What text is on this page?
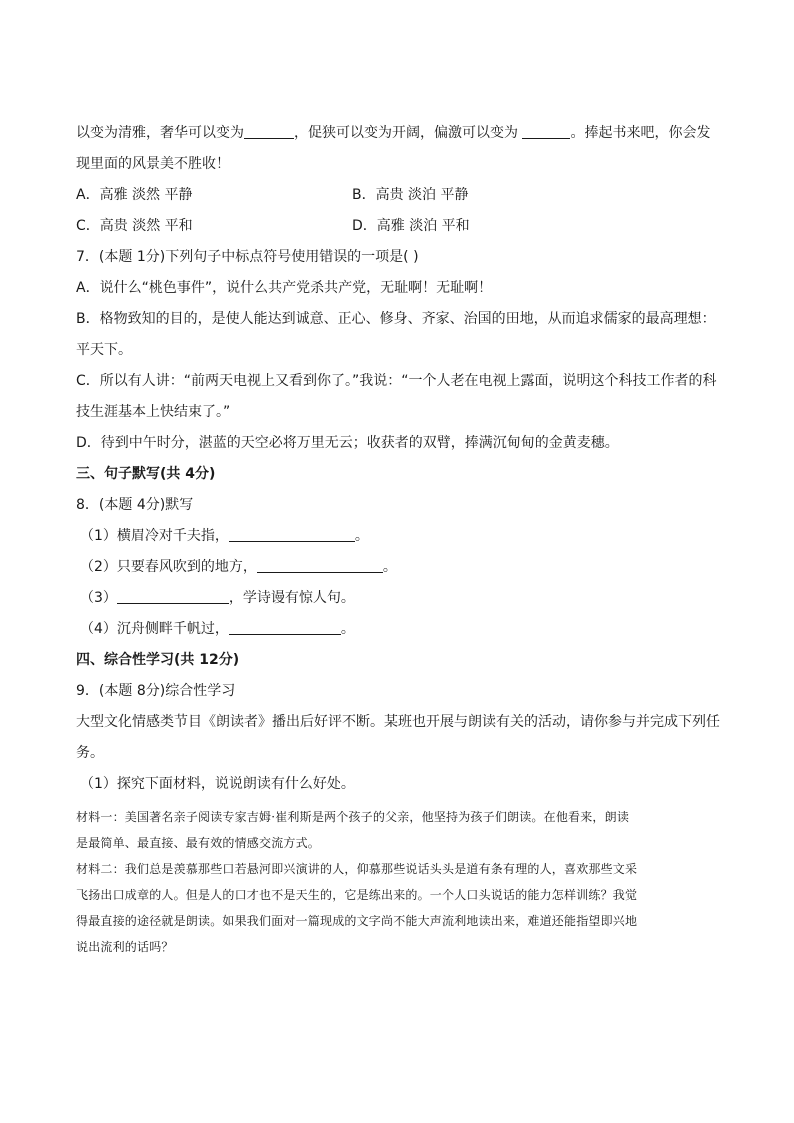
以变为清雅，奢华可以变为	，促狭可以变为开阔，偏激可以变为	。捧起书来吧，你会发
现里面的风景美不胜收！
A．高雅 淡然 平静	B．高贵 淡泊 平静
C．高贵 淡然 平和	D．高雅 淡泊 平和
7．(本题 1分)下列句子中标点符号使用错误的一项是( )
A．说什么“桃色事件”，说什么共产党杀共产党，无耻啊！无耻啊！
B．格物致知的目的，是使人能达到诚意、正心、修身、齐家、治国的田地，从而追求儒家的最高理想：
平天下。
C．所以有人讲：“前两天电视上又看到你了。”我说：“一个人老在电视上露面，说明这个科技工作者的科
技生涯基本上快结束了。”
D．待到中午时分，湛蓝的天空必将万里无云；收获者的双臂，捧满沉甸甸的金黄麦穗。
三、句子默写(共 4分)
8．(本题 4分)默写
（1）横眉冷对千夫指，	。
（2）只要春风吹到的地方，	。
（3）	，学诗谩有惊人句。
（4）沉舟侧畔千帆过，	。
四、综合性学习(共 12分)
9．(本题 8分)综合性学习
大型文化情感类节目《朗读者》播出后好评不断。某班也开展与朗读有关的活动，请你参与并完成下列任
务。
（1）探究下面材料，说说朗读有什么好处。
材料一：美国著名亲子阅读专家吉姆·崔利斯是两个孩子的父亲，他坚持为孩子们朗读。在他看来，朗读
是最简单、最直接、最有效的情感交流方式。
材料二：我们总是羡慕那些口若悬河即兴演讲的人，仰慕那些说话头头是道有条有理的人，喜欢那些文采
飞扬出口成章的人。但是人的口才也不是天生的，它是练出来的。一个人口头说话的能力怎样训练？我觉
得最直接的途径就是朗读。如果我们面对一篇现成的文字尚不能大声流利地读出来，难道还能指望即兴地
说出流利的话吗？
